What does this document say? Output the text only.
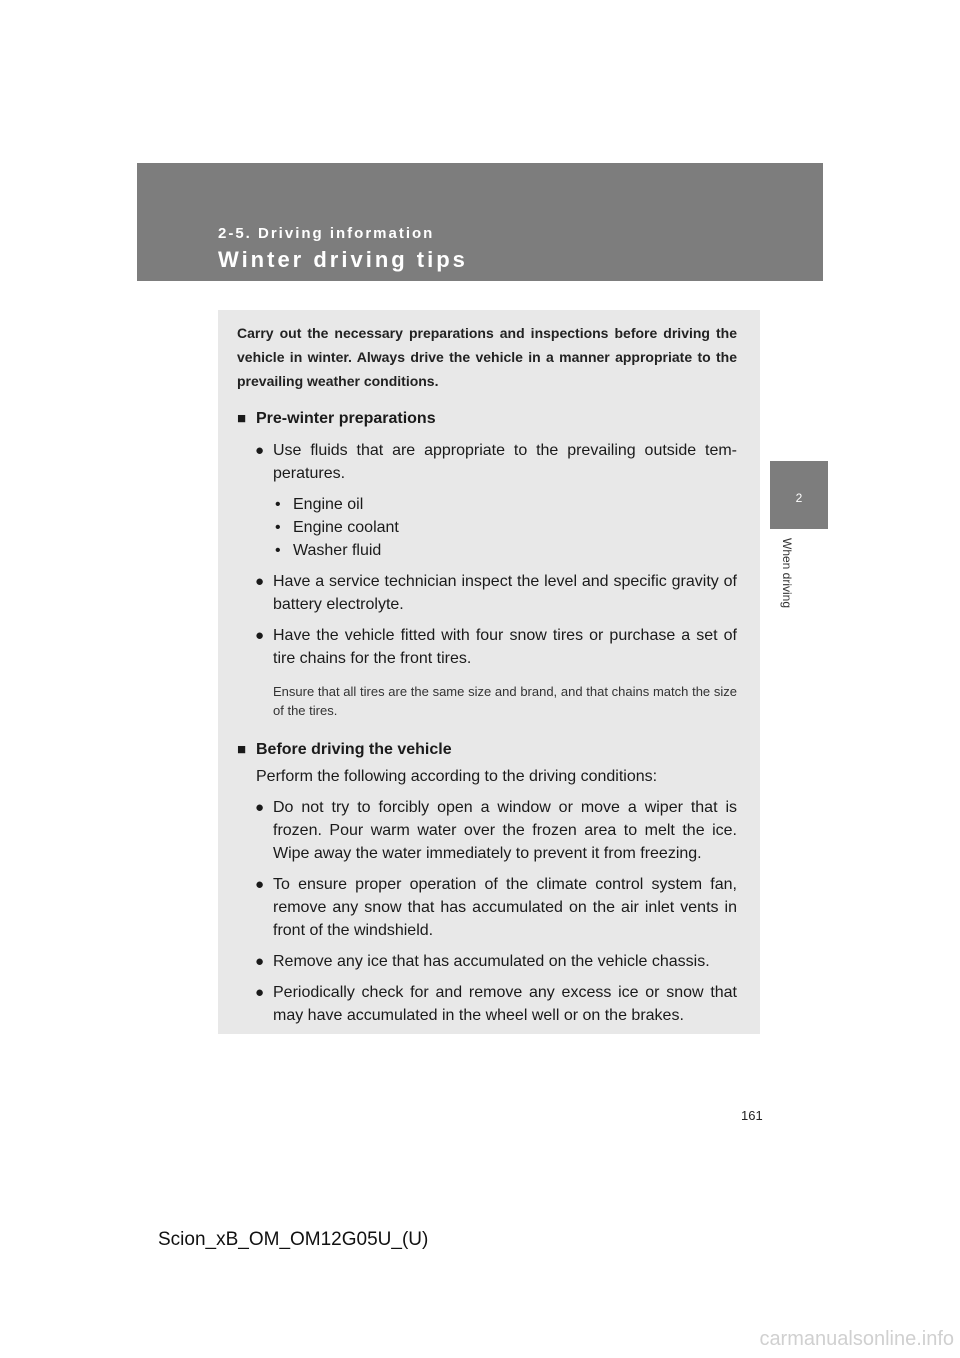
2-5. Driving information
Winter driving tips
2
When driving

Carry out the necessary preparations and inspections before driving the vehicle in winter. Always drive the vehicle in a manner appropriate to the prevailing weather conditions.

■ Pre-winter preparations
● Use fluids that are appropriate to the prevailing outside temperatures.
• Engine oil
• Engine coolant
• Washer fluid
● Have a service technician inspect the level and specific gravity of battery electrolyte.
● Have the vehicle fitted with four snow tires or purchase a set of tire chains for the front tires.
Ensure that all tires are the same size and brand, and that chains match the size of the tires.
■ Before driving the vehicle
Perform the following according to the driving conditions:
● Do not try to forcibly open a window or move a wiper that is frozen. Pour warm water over the frozen area to melt the ice. Wipe away the water immediately to prevent it from freezing.
● To ensure proper operation of the climate control system fan, remove any snow that has accumulated on the air inlet vents in front of the windshield.
● Remove any ice that has accumulated on the vehicle chassis.
● Periodically check for and remove any excess ice or snow that may have accumulated in the wheel well or on the brakes.
161
Scion_xB_OM_OM12G05U_(U)
carmanualsonline.info
